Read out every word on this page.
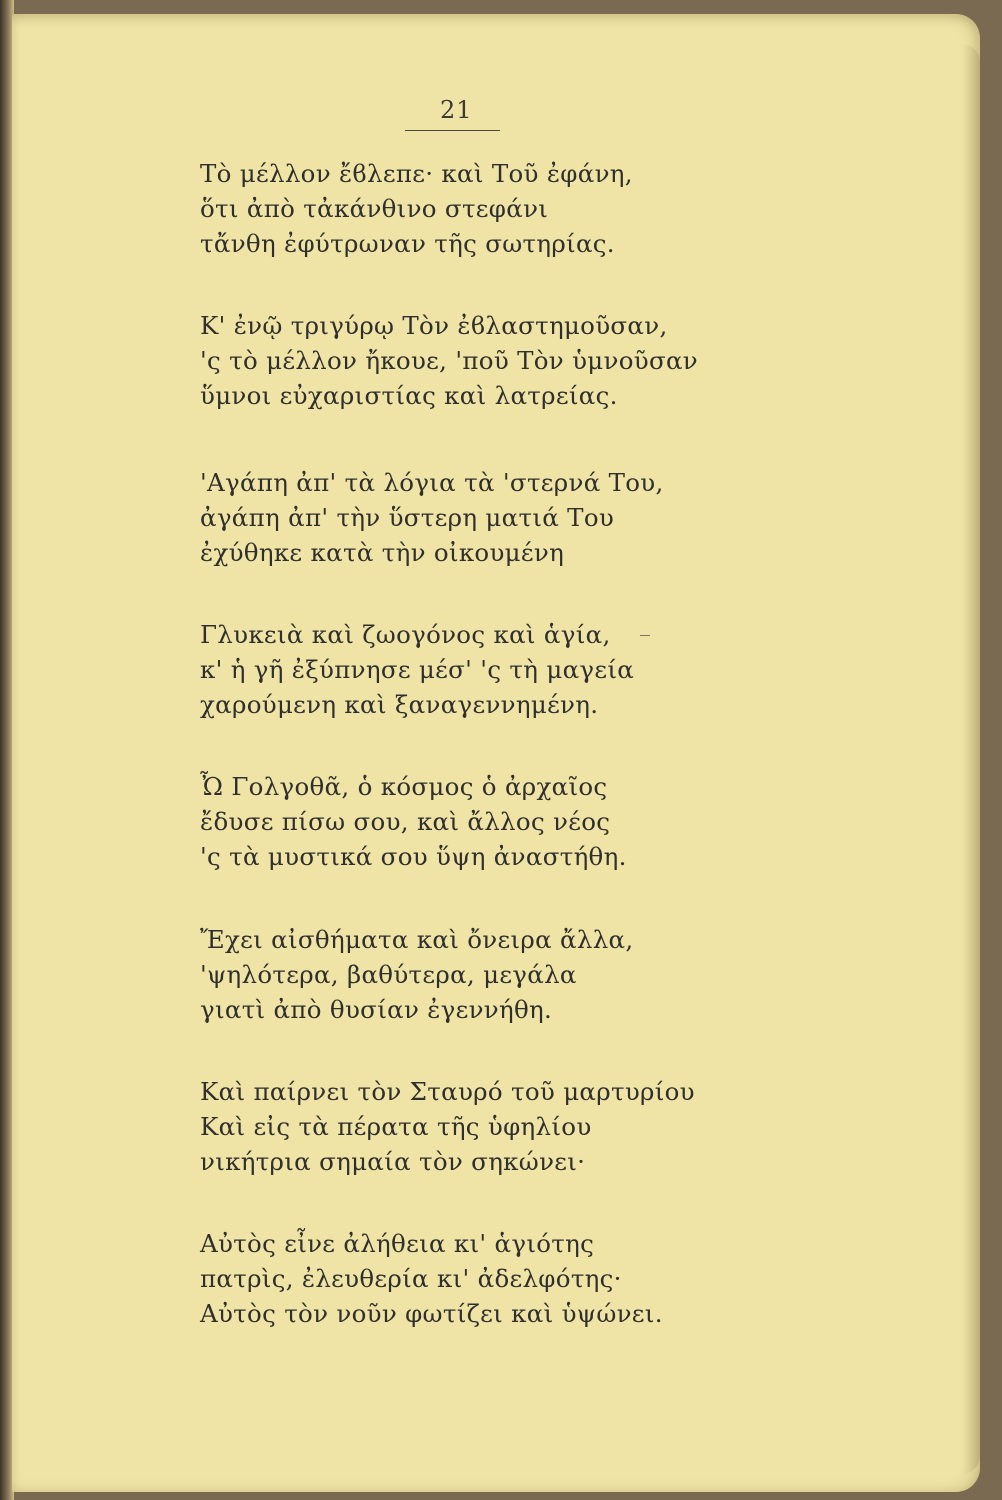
21
Τὸ μέλλον ἔϐλεπε· καὶ Τοῦ ἐφάνη,
ὅτι ἀπὸ τἀκάνθινο στεφάνι
τἄνθη ἐφύτρωναν τῆς σωτηρίας.
Κ' ἐνῷ τριγύρῳ Τὸν ἐϐλαστημοῦσαν,
'ς τὸ μέλλον ἤκουε, 'ποῦ Τὸν ὑμνοῦσαν
ὕμνοι εὐχαριστίας καὶ λατρείας.
'Αγάπη ἀπ' τὰ λόγια τὰ 'στερνά Του,
ἀγάπη ἀπ' τὴν ὕστερη ματιά Του
ἐχύθηκε κατὰ τὴν οἰκουμένη
Γλυκειὰ καὶ ζωογόνος καὶ ἁγία,
κ' ἡ γῆ ἐξύπνησε μέσ' 'ς τὴ μαγεία
χαρούμενη καὶ ξαναγεννημένη.
Ὦ Γολγοθᾶ, ὁ κόσμος ὁ ἀρχαῖος
ἔδυσε πίσω σου, καὶ ἄλλος νέος
'ς τὰ μυστικά σου ὕψη ἀναστήθη.
Ἔχει αἰσθήματα καὶ ὄνειρα ἄλλα,
'ψηλότερα, βαθύτερα, μεγάλα
γιατὶ ἀπὸ θυσίαν ἐγεννήθη.
Καὶ παίρνει τὸν Σταυρό τοῦ μαρτυρίου
Καὶ εἰς τὰ πέρατα τῆς ὑφηλίου
νικήτρια σημαία τὸν σηκώνει·
Αὐτὸς εἶνε ἀλήθεια κι' ἁγιότης
πατρὶς, ἐλευθερία κι' ἀδελφότης·
Αὐτὸς τὸν νοῦν φωτίζει καὶ ὑψώνει.
